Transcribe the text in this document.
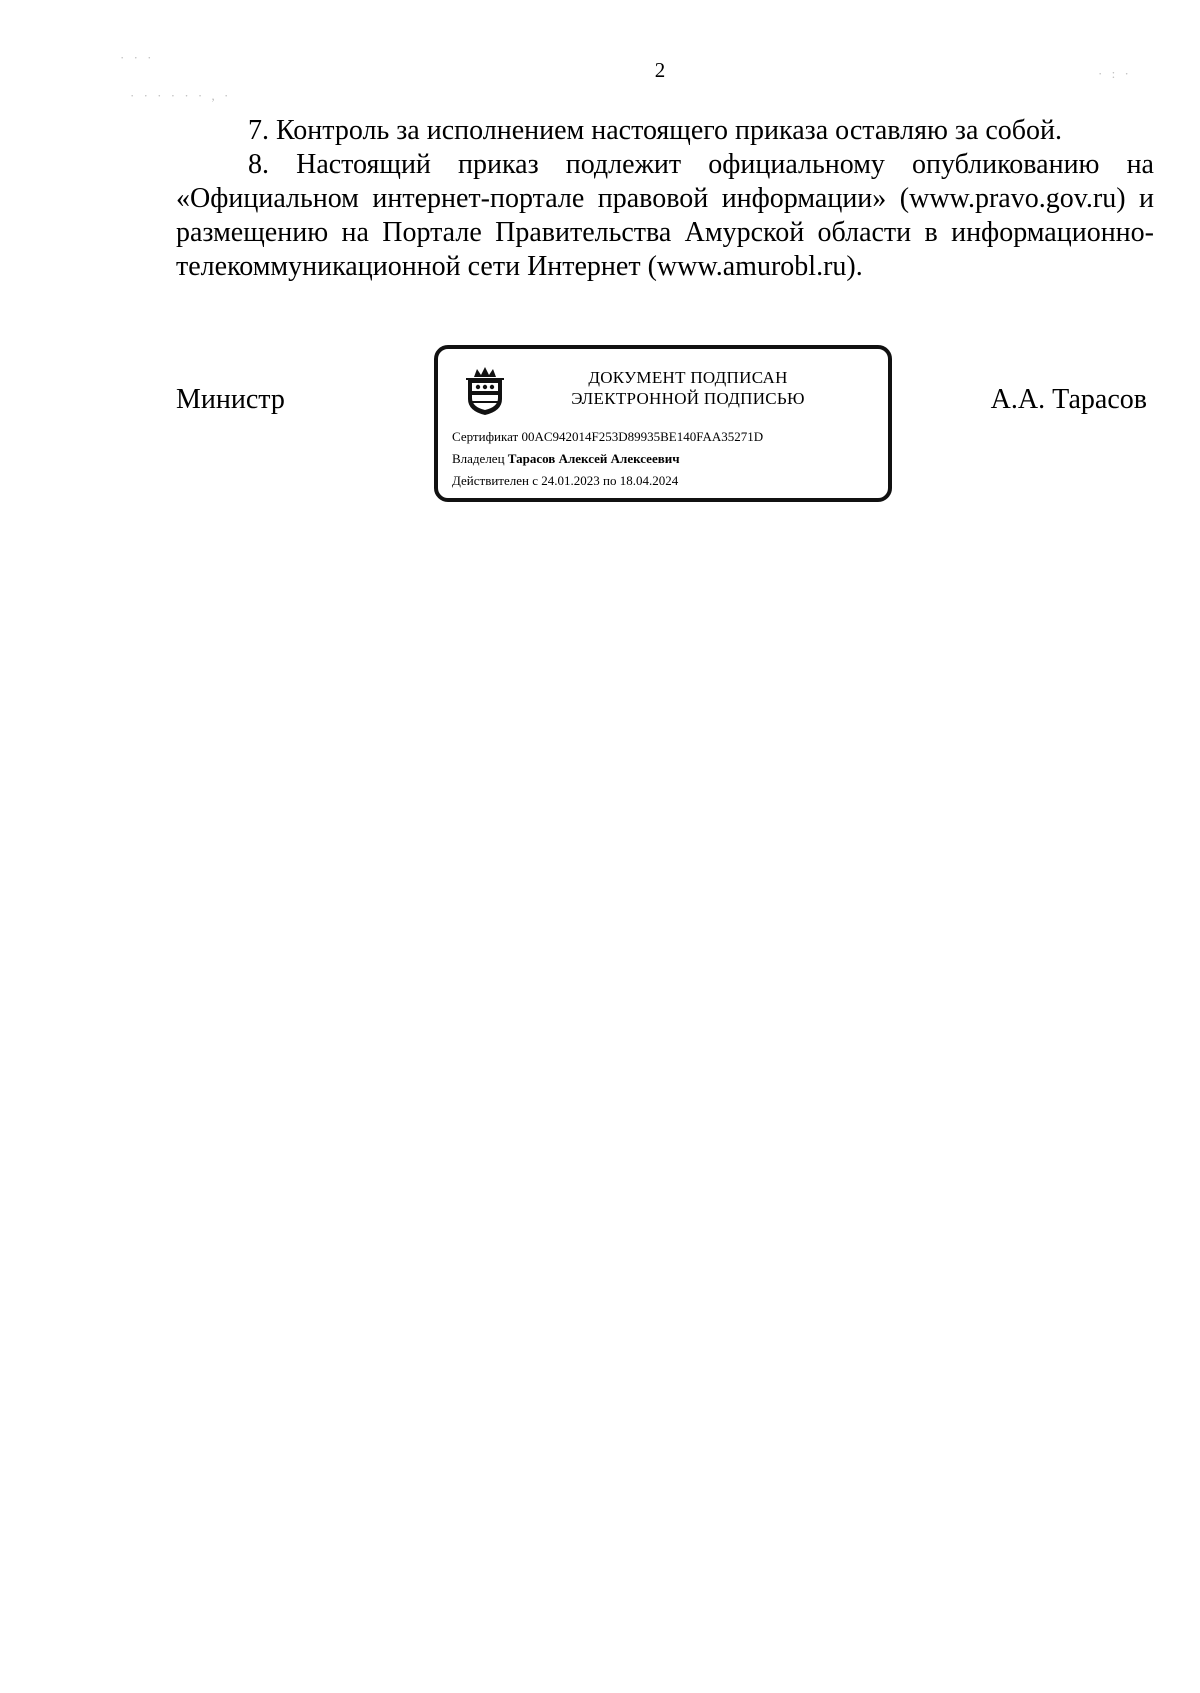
2
· · ·
· · · · · · , ·
· : ·

7. Контроль за исполнением настоящего приказа оставляю за собой.

8. Настоящий приказ подлежит официальному опубликованию на «Официальном интернет-портале правовой информации» (www.pravo.gov.ru) и размещению на Портале Правительства Амурской области в информационно-телекоммуникационной сети Интернет (www.amurobl.ru).

Министр
ДОКУМЕНТ ПОДПИСАН
ЭЛЕКТРОННОЙ ПОДПИСЬЮ
Сертификат 00AC942014F253D89935BE140FAA35271D
Владелец Тарасов Алексей Алексеевич
Действителен с 24.01.2023 по 18.04.2024
А.А. Тарасов
